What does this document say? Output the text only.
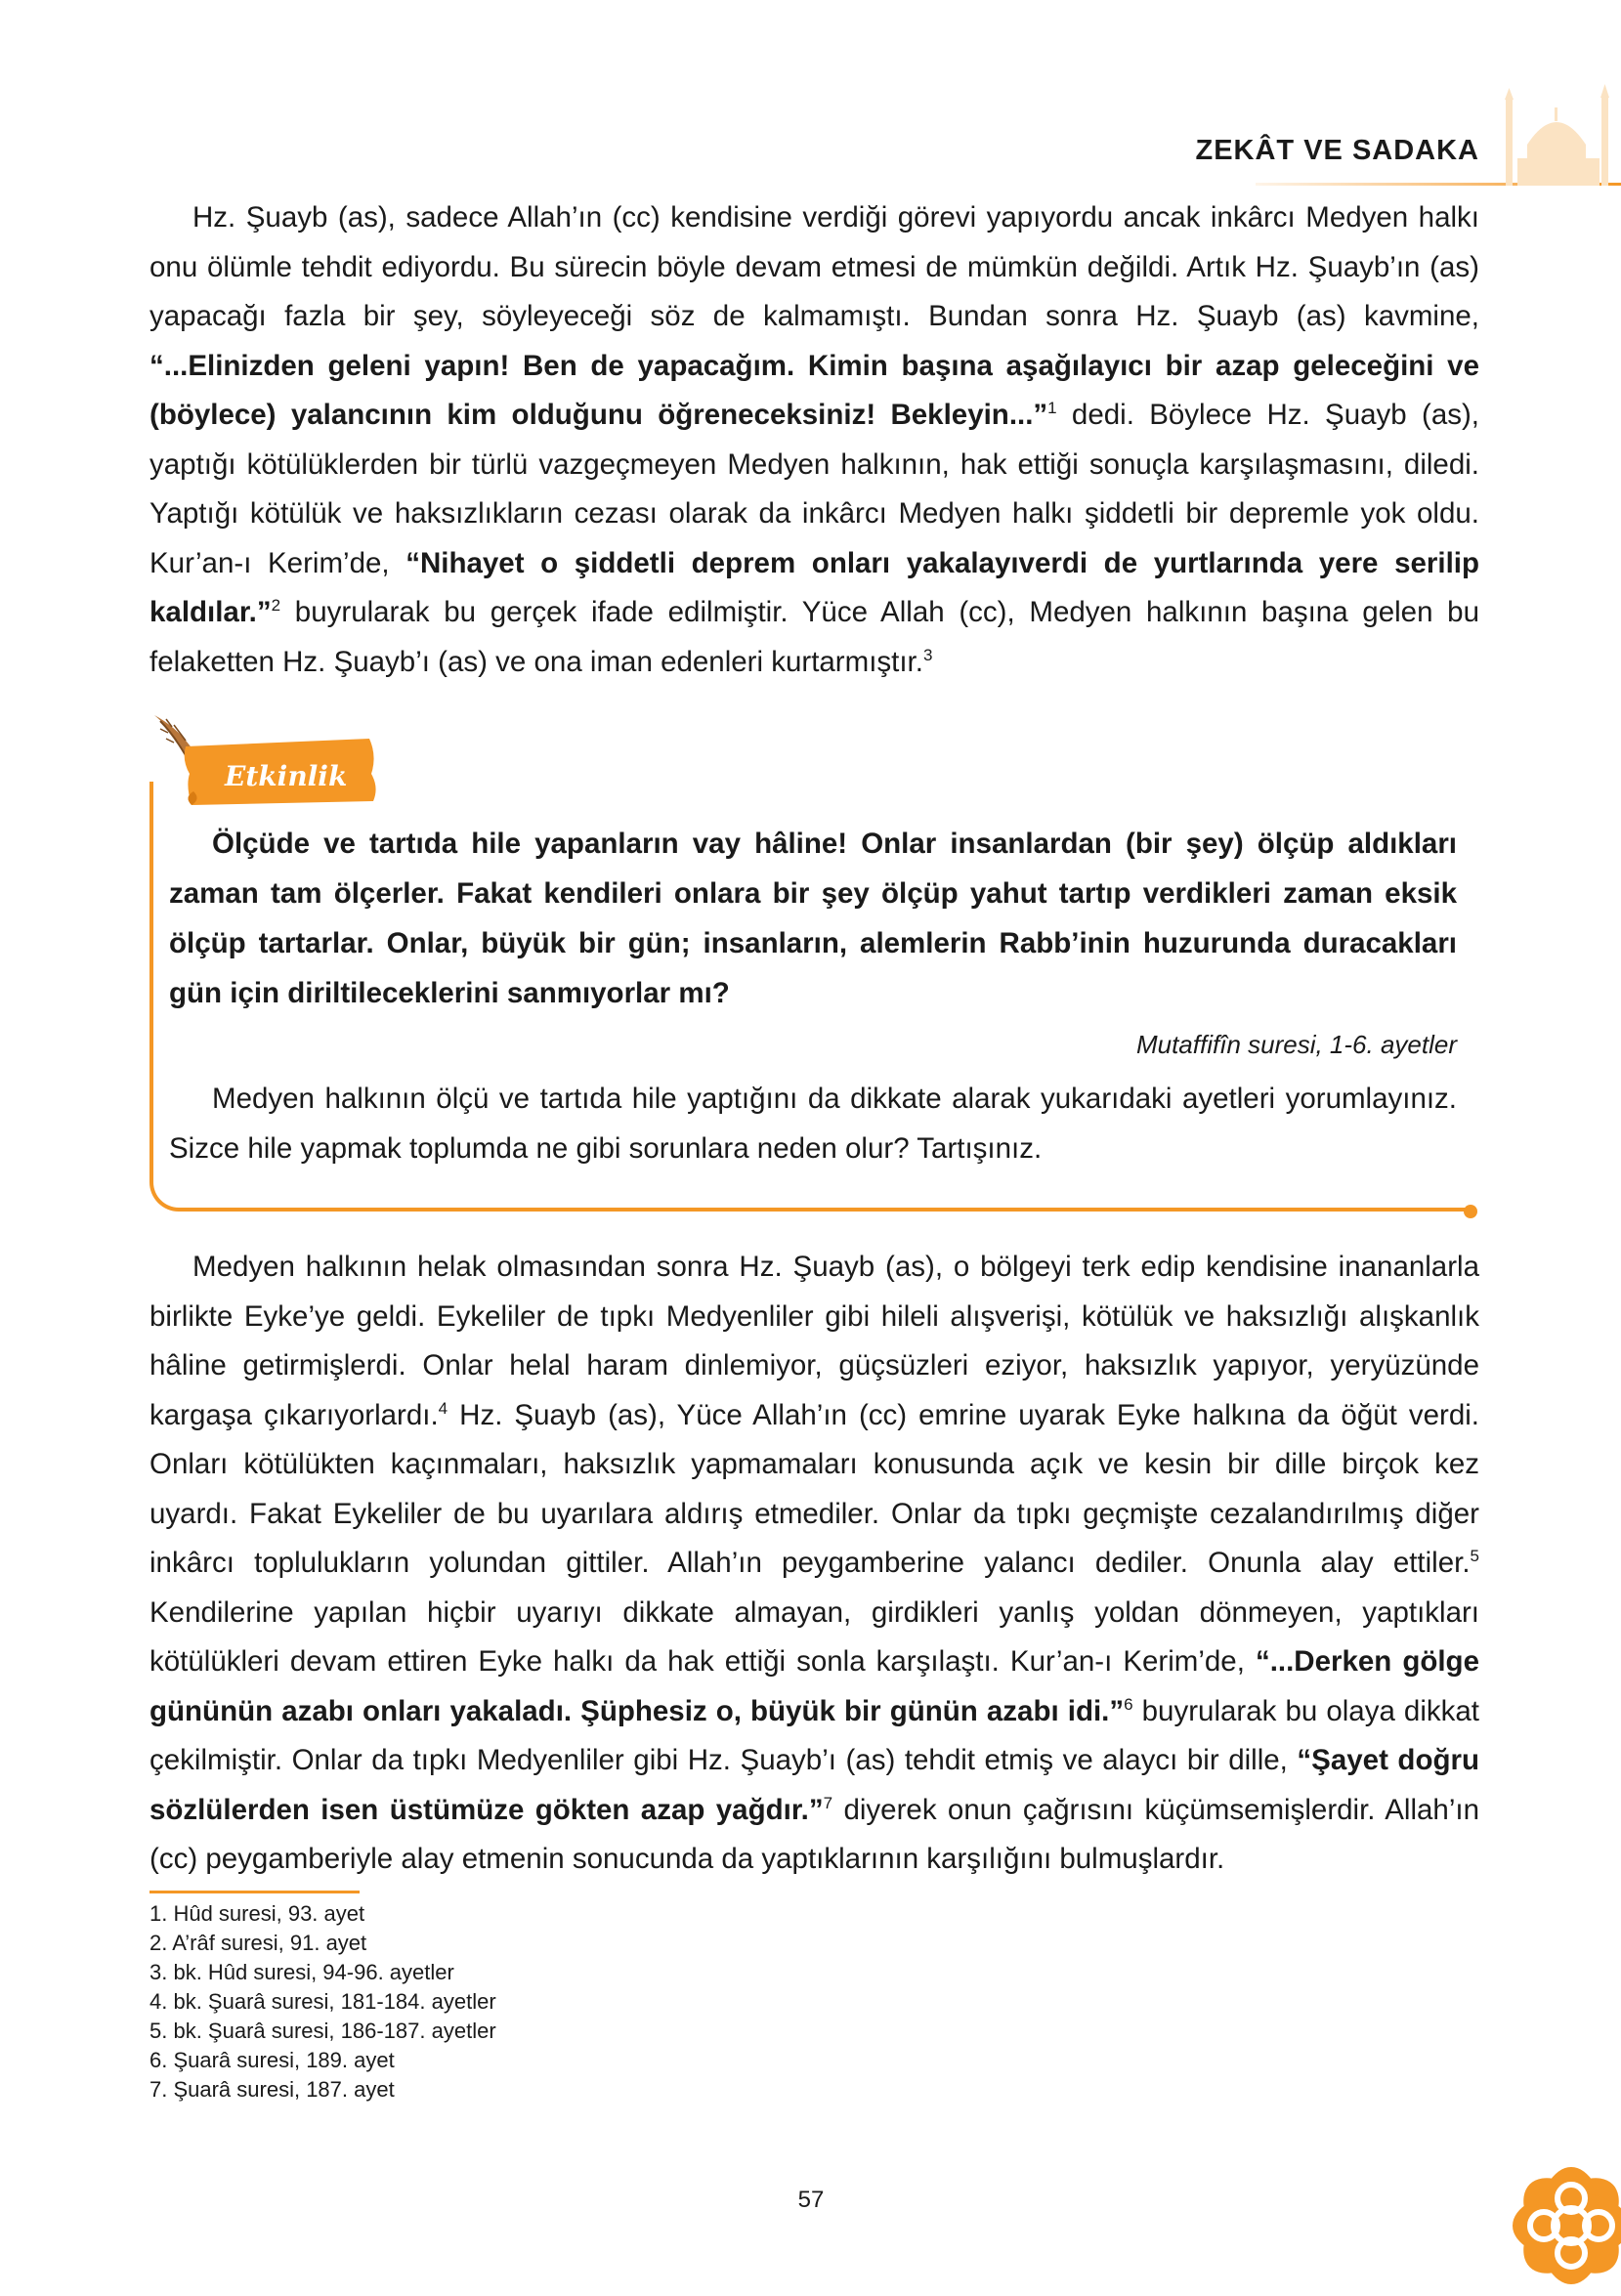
ZEKÂT VE SADAKA

Hz. Şuayb (as), sadece Allah’ın (cc) kendisine verdiği görevi yapıyordu ancak inkârcı Medyen halkı onu ölümle tehdit ediyordu. Bu sürecin böyle devam etmesi de mümkün değildi. Artık Hz. Şuayb’ın (as) yapacağı fazla bir şey, söyleyeceği söz de kalmamıştı. Bundan sonra Hz. Şuayb (as) kavmine, “...Elinizden geleni yapın! Ben de yapacağım. Kimin başına aşağılayıcı bir azap geleceğini ve (böylece) yalancının kim olduğunu öğreneceksiniz! Bekleyin...”$^1$ dedi. Böylece Hz. Şuayb (as), yaptığı kötülüklerden bir türlü vazgeçmeyen Medyen halkının, hak ettiği sonuçla karşılaşmasını, diledi. Yaptığı kötülük ve haksızlıkların cezası olarak da inkârcı Medyen halkı şiddetli bir depremle yok oldu. Kur’an-ı Kerim’de, “Nihayet o şiddetli deprem onları yakalayıverdi de yurtlarında yere serilip kaldılar.”$^2$ buyrularak bu gerçek ifade edilmiştir. Yüce Allah (cc), Medyen halkının başına gelen bu felaketten Hz. Şuayb’ı (as) ve ona iman edenleri kurtarmıştır.$^3$

Etkinlik

Ölçüde ve tartıda hile yapanların vay hâline! Onlar insanlardan (bir şey) ölçüp aldıkları zaman tam ölçerler. Fakat kendileri onlara bir şey ölçüp yahut tartıp verdikleri zaman eksik ölçüp tartarlar. Onlar, büyük bir gün; insanların, alemlerin Rabb’inin huzurunda duracakları gün için diriltileceklerini sanmıyorlar mı?

Mutaffifîn suresi, 1-6. ayetler

Medyen halkının ölçü ve tartıda hile yaptığını da dikkate alarak yukarıdaki ayetleri yorumlayınız. Sizce hile yapmak toplumda ne gibi sorunlara neden olur? Tartışınız.

Medyen halkının helak olmasından sonra Hz. Şuayb (as), o bölgeyi terk edip kendisine inananlarla birlikte Eyke’ye geldi. Eykeliler de tıpkı Medyenliler gibi hileli alışverişi, kötülük ve haksızlığı alışkanlık hâline getirmişlerdi. Onlar helal haram dinlemiyor, güçsüzleri eziyor, haksızlık yapıyor, yeryüzünde kargaşa çıkarıyorlardı.$^4$ Hz. Şuayb (as), Yüce Allah’ın (cc) emrine uyarak Eyke halkına da öğüt verdi. Onları kötülükten kaçınmaları, haksızlık yapmamaları konusunda açık ve kesin bir dille birçok kez uyardı. Fakat Eykeliler de bu uyarılara aldırış etmediler. Onlar da tıpkı geçmişte cezalandırılmış diğer inkârcı toplulukların yolundan gittiler. Allah’ın peygamberine yalancı dediler. Onunla alay ettiler.$^5$ Kendilerine yapılan hiçbir uyarıyı dikkate almayan, girdikleri yanlış yoldan dönmeyen, yaptıkları kötülükleri devam ettiren Eyke halkı da hak ettiği sonla karşılaştı. Kur’an-ı Kerim’de, “...Derken gölge gününün azabı onları yakaladı. Şüphesiz o, büyük bir günün azabı idi.”$^6$ buyrularak bu olaya dikkat çekilmiştir. Onlar da tıpkı Medyenliler gibi Hz. Şuayb’ı (as) tehdit etmiş ve alaycı bir dille, “Şayet doğru sözlülerden isen üstümüze gökten azap yağdır.”$^7$ diyerek onun çağrısını küçümsemişlerdir. Allah’ın (cc) peygamberiyle alay etmenin sonucunda da yaptıklarının karşılığını bulmuşlardır.

1. Hûd suresi, 93. ayet
2. A’râf suresi, 91. ayet
3. bk. Hûd suresi, 94-96. ayetler
4. bk. Şuarâ suresi, 181-184. ayetler
5. bk. Şuarâ suresi, 186-187. ayetler
6. Şuarâ suresi, 189. ayet
7. Şuarâ suresi, 187. ayet
57
